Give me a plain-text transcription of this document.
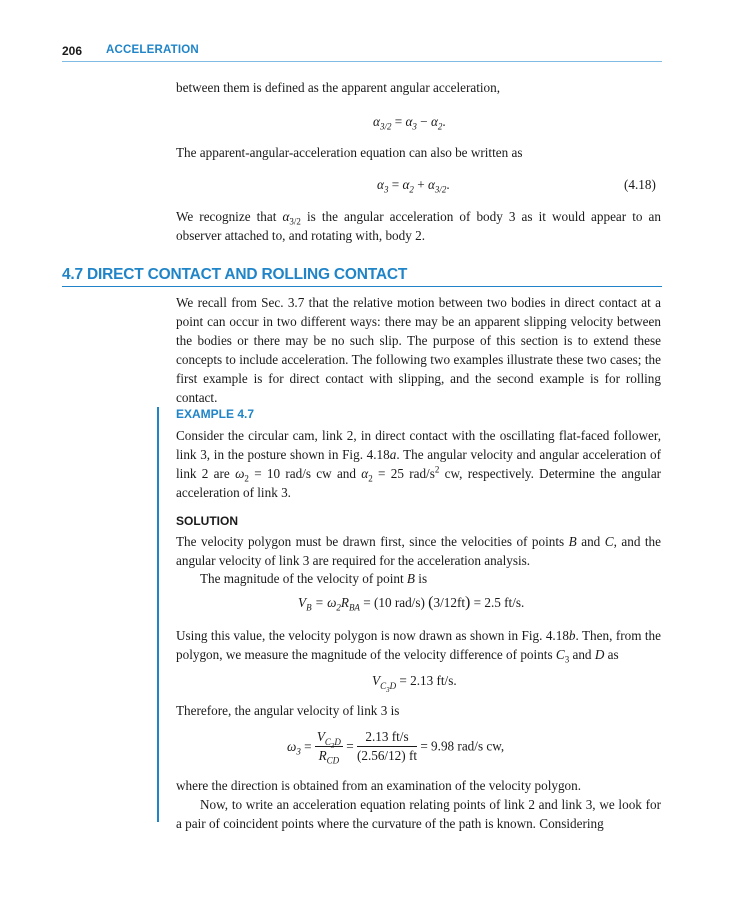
206 ACCELERATION
between them is defined as the apparent angular acceleration,
$\alpha_{3/2} = \alpha_3 - \alpha_2$.
The apparent-angular-acceleration equation can also be written as
$\alpha_3 = \alpha_2 + \alpha_{3/2}$.	(4.18)
We recognize that $\alpha_{3/2}$ is the angular acceleration of body 3 as it would appear to an observer attached to, and rotating with, body 2.
4.7 DIRECT CONTACT AND ROLLING CONTACT
We recall from Sec. 3.7 that the relative motion between two bodies in direct contact at a point can occur in two different ways: there may be an apparent slipping velocity between the bodies or there may be no such slip. The purpose of this section is to extend these concepts to include acceleration. The following two examples illustrate these two cases; the first example is for direct contact with slipping, and the second example is for rolling contact.
EXAMPLE 4.7
Consider the circular cam, link 2, in direct contact with the oscillating flat-faced follower, link 3, in the posture shown in Fig. 4.18a. The angular velocity and angular acceleration of link 2 are $\omega_2 = 10$ rad/s cw and $\alpha_2 = 25$ rad/$s^2$ cw, respectively. Determine the angular acceleration of link 3.
SOLUTION
The velocity polygon must be drawn first, since the velocities of points B and C, and the angular velocity of link 3 are required for the acceleration analysis.
The magnitude of the velocity of point B is
$V_B = \omega_2R_{BA} = (10$ rad/s) (3/12ft) = 2.5 ft/s.
Using this value, the velocity polygon is now drawn as shown in Fig. 4.18b. Then, from the polygon, we measure the magnitude of the velocity difference of points $C_3$ and D as
$V_{C_3D} = 2.13$ ft/s.
Therefore, the angular velocity of link 3 is
$\omega_3 = \frac{V_{C_3D}}{R_{CD}} = \frac{2.13 ft/s}{(2.56/12) ft} = 9.98$ rad/s cw,
where the direction is obtained from an examination of the velocity polygon.
Now, to write an acceleration equation relating points of link 2 and link 3, we look for a pair of coincident points where the curvature of the path is known. Considering
